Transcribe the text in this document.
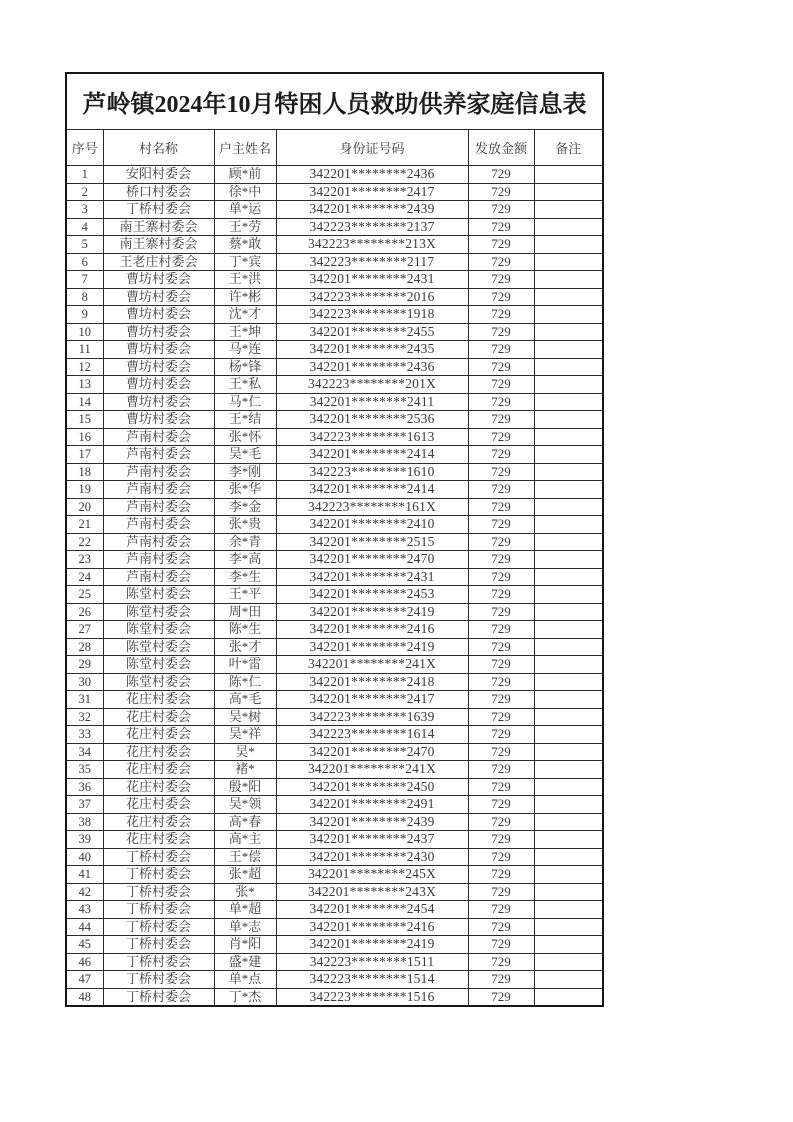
芦岭镇2024年10月特困人员救助供养家庭信息表					
序号	村名称	户主姓名	身份证号码	发放金额	备注
1	安阳村委会	顾*前	342201********2436	729	
2	桥口村委会	徐*中	342201********2417	729	
3	丁桥村委会	单*运	342201********2439	729	
4	南王寨村委会	王*劳	342223********2137	729	
5	南王寨村委会	蔡*敢	342223********213X	729	
6	王老庄村委会	丁*宾	342223********2117	729	
7	曹坊村委会	王*洪	342201********2431	729	
8	曹坊村委会	许*彬	342223********2016	729	
9	曹坊村委会	沈*才	342223********1918	729	
10	曹坊村委会	王*坤	342201********2455	729	
11	曹坊村委会	马*连	342201********2435	729	
12	曹坊村委会	杨*锋	342201********2436	729	
13	曹坊村委会	王*私	342223********201X	729	
14	曹坊村委会	马*仁	342201********2411	729	
15	曹坊村委会	王*结	342201********2536	729	
16	芦南村委会	张*怀	342223********1613	729	
17	芦南村委会	吴*毛	342201********2414	729	
18	芦南村委会	李*刚	342223********1610	729	
19	芦南村委会	张*华	342201********2414	729	
20	芦南村委会	李*金	342223********161X	729	
21	芦南村委会	张*贵	342201********2410	729	
22	芦南村委会	余*青	342201********2515	729	
23	芦南村委会	李*高	342201********2470	729	
24	芦南村委会	李*生	342201********2431	729	
25	陈堂村委会	王*平	342201********2453	729	
26	陈堂村委会	周*田	342201********2419	729	
27	陈堂村委会	陈*生	342201********2416	729	
28	陈堂村委会	张*才	342201********2419	729	
29	陈堂村委会	叶*雷	342201********241X	729	
30	陈堂村委会	陈*仁	342201********2418	729	
31	花庄村委会	高*毛	342201********2417	729	
32	花庄村委会	吴*树	342223********1639	729	
33	花庄村委会	吴*祥	342223********1614	729	
34	花庄村委会	吴*	342201********2470	729	
35	花庄村委会	褚*	342201********241X	729	
36	花庄村委会	殷*阳	342201********2450	729	
37	花庄村委会	吴*领	342201********2491	729	
38	花庄村委会	高*春	342201********2439	729	
39	花庄村委会	高*主	342201********2437	729	
40	丁桥村委会	王*偿	342201********2430	729	
41	丁桥村委会	张*超	342201********245X	729	
42	丁桥村委会	张*	342201********243X	729	
43	丁桥村委会	单*超	342201********2454	729	
44	丁桥村委会	单*志	342201********2416	729	
45	丁桥村委会	肖*阳	342201********2419	729	
46	丁桥村委会	盛*建	342223********1511	729	
47	丁桥村委会	单*点	342223********1514	729	
48	丁桥村委会	丁*杰	342223********1516	729	
